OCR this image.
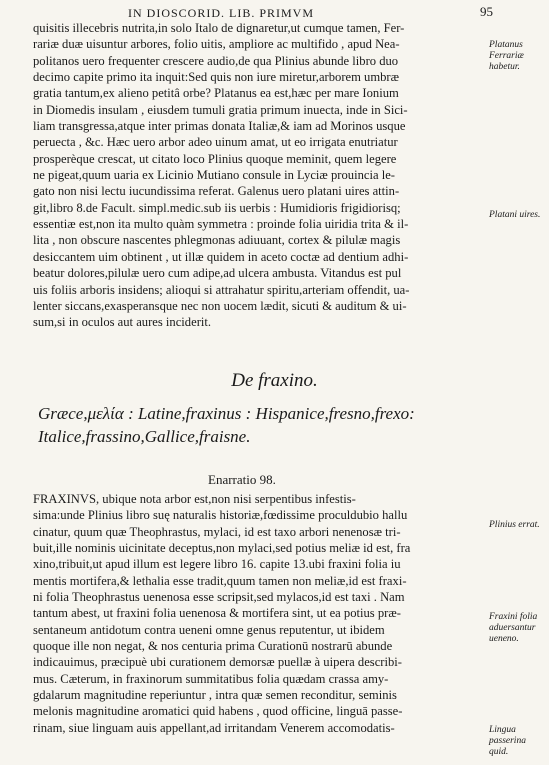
IN DIOSCORID. LIB. PRIMVM	95
quisitis illecebris nutrita,in solo Italo de dignaretur,ut cumque tamen, Fer-
rariæ duæ uisuntur arbores, folio uitis, ampliore ac multifido , apud Nea-
politanos uero frequenter crescere audio,de qua Plinius abunde libro duo
decimo capite primo ita inquit:Sed quis non iure miretur,arborem umbræ
gratia tantum,ex alieno petitâ orbe? Platanus ea est,hæc per mare Ionium
in Diomedis insulam , eiusdem tumuli gratia primum inuecta, inde in Sici-
liam transgressa,atque inter primas donata Italiæ,& iam ad Morinos usque
peruecta , &c. Hæc uero arbor adeo uinum amat, ut eo irrigata enutriatur
prosperèque crescat, ut citato loco Plinius quoque meminit, quem legere
ne pigeat,quum uaria ex Licinio Mutiano consule in Lyciæ prouincia le-
gato non nisi lectu iucundissima referat. Galenus uero platani uires attin-
git,libro 8.de Facult. simpl.medic.sub iis uerbis : Humidioris frigidiorisq;
essentiæ est,non ita multo quàm symmetra : proinde folia uiridia trita & il-
lita , non obscure nascentes phlegmonas adiuuant, cortex & pilulæ magis
desiccantem uim obtinent , ut illæ quidem in aceto coctæ ad dentium adhi-
beatur dolores,pilulæ uero cum adipe,ad ulcera ambusta. Vitandus est pul
uis foliis arboris insidens; alioqui si attrahatur spiritu,arteriam offendit, ua-
lenter siccans,exasperansque nec non uocem lædit, sicuti & auditum & ui-
sum,si in oculos aut aures inciderit.
De fraxino.
Græce,μελία : Latine,fraxinus : Hispanice,fresno,frexo:
Italice,frassino,Gallice,fraisne.
Enarratio 98.
FRAXINVS, ubique nota arbor est,non nisi serpentibus infestis-
sima:unde Plinius libro suę naturalis historiæ,fœdissime proculdubio hallu
cinatur, quum quæ Theophrastus, mylaci, id est taxo arbori nenenosæ tri-
buit,ille nominis uicinitate deceptus,non mylaci,sed potius meliæ id est, fra
xino,tribuit,ut apud illum est legere libro 16. capite 13.ubi fraxini folia iu
mentis mortifera,& lethalia esse tradit,quum tamen non meliæ,id est fraxi-
ni folia Theophrastus uenenosa esse scripsit,sed mylacos,id est taxi . Nam
tantum abest, ut fraxini folia uenenosa & mortifera sint, ut ea potius præ-
sentaneum antidotum contra ueneni omne genus reputentur, ut ibidem
quoque ille non negat, & nos centuria prima Curationū nostrarū abunde
indicauimus, præcipuè ubi curationem demorsæ puellæ à uipera describi-
mus. Cæterum, in fraxinorum summitatibus folia quædam crassa amy-
gdalarum magnitudine reperiuntur , intra quæ semen reconditur, seminis
melonis magnitudine aromatici quid habens , quod officine, linguā passe-
rinam, siue linguam auis appellant,ad irritandam Venerem accomodatis-
Platanus Ferrariæ habetur.
Platani uires.
Plinius errat.
Fraxini folia aduersantur ueneno.
Lingua passerina quid.
